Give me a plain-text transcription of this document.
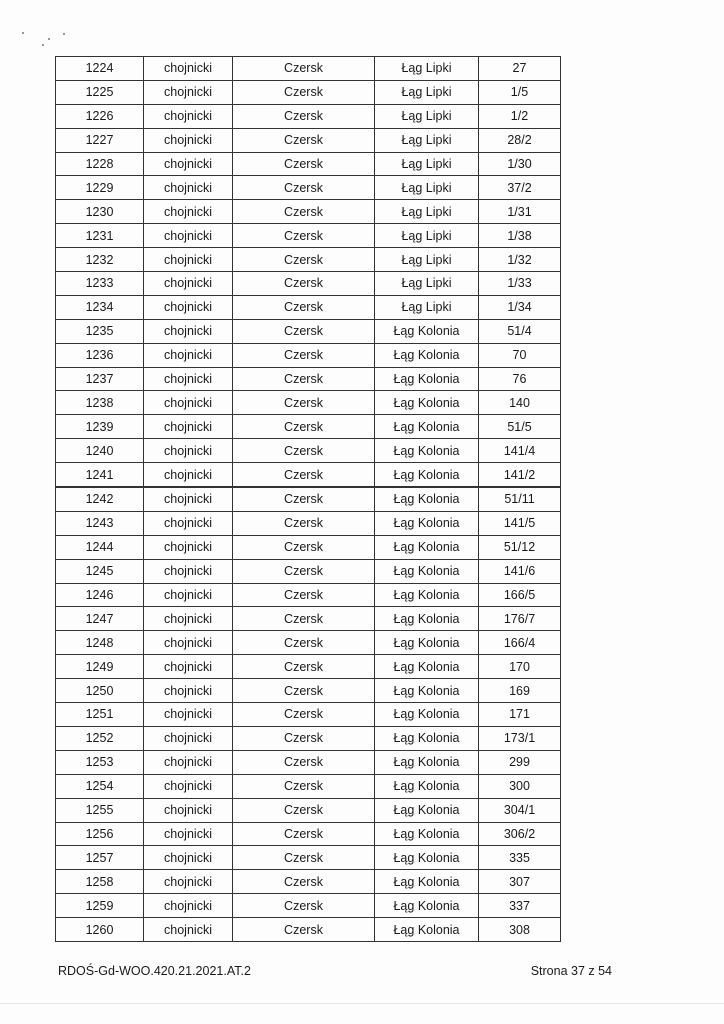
1224	chojnicki	Czersk	Łąg Lipki	27
1225	chojnicki	Czersk	Łąg Lipki	1/5
1226	chojnicki	Czersk	Łąg Lipki	1/2
1227	chojnicki	Czersk	Łąg Lipki	28/2
1228	chojnicki	Czersk	Łąg Lipki	1/30
1229	chojnicki	Czersk	Łąg Lipki	37/2
1230	chojnicki	Czersk	Łąg Lipki	1/31
1231	chojnicki	Czersk	Łąg Lipki	1/38
1232	chojnicki	Czersk	Łąg Lipki	1/32
1233	chojnicki	Czersk	Łąg Lipki	1/33
1234	chojnicki	Czersk	Łąg Lipki	1/34
1235	chojnicki	Czersk	Łąg Kolonia	51/4
1236	chojnicki	Czersk	Łąg Kolonia	70
1237	chojnicki	Czersk	Łąg Kolonia	76
1238	chojnicki	Czersk	Łąg Kolonia	140
1239	chojnicki	Czersk	Łąg Kolonia	51/5
1240	chojnicki	Czersk	Łąg Kolonia	141/4
1241	chojnicki	Czersk	Łąg Kolonia	141/2
1242	chojnicki	Czersk	Łąg Kolonia	51/11
1243	chojnicki	Czersk	Łąg Kolonia	141/5
1244	chojnicki	Czersk	Łąg Kolonia	51/12
1245	chojnicki	Czersk	Łąg Kolonia	141/6
1246	chojnicki	Czersk	Łąg Kolonia	166/5
1247	chojnicki	Czersk	Łąg Kolonia	176/7
1248	chojnicki	Czersk	Łąg Kolonia	166/4
1249	chojnicki	Czersk	Łąg Kolonia	170
1250	chojnicki	Czersk	Łąg Kolonia	169
1251	chojnicki	Czersk	Łąg Kolonia	171
1252	chojnicki	Czersk	Łąg Kolonia	173/1
1253	chojnicki	Czersk	Łąg Kolonia	299
1254	chojnicki	Czersk	Łąg Kolonia	300
1255	chojnicki	Czersk	Łąg Kolonia	304/1
1256	chojnicki	Czersk	Łąg Kolonia	306/2
1257	chojnicki	Czersk	Łąg Kolonia	335
1258	chojnicki	Czersk	Łąg Kolonia	307
1259	chojnicki	Czersk	Łąg Kolonia	337
1260	chojnicki	Czersk	Łąg Kolonia	308
RDOŚ-Gd-WOO.420.21.2021.AT.2	Strona 37 z 54
